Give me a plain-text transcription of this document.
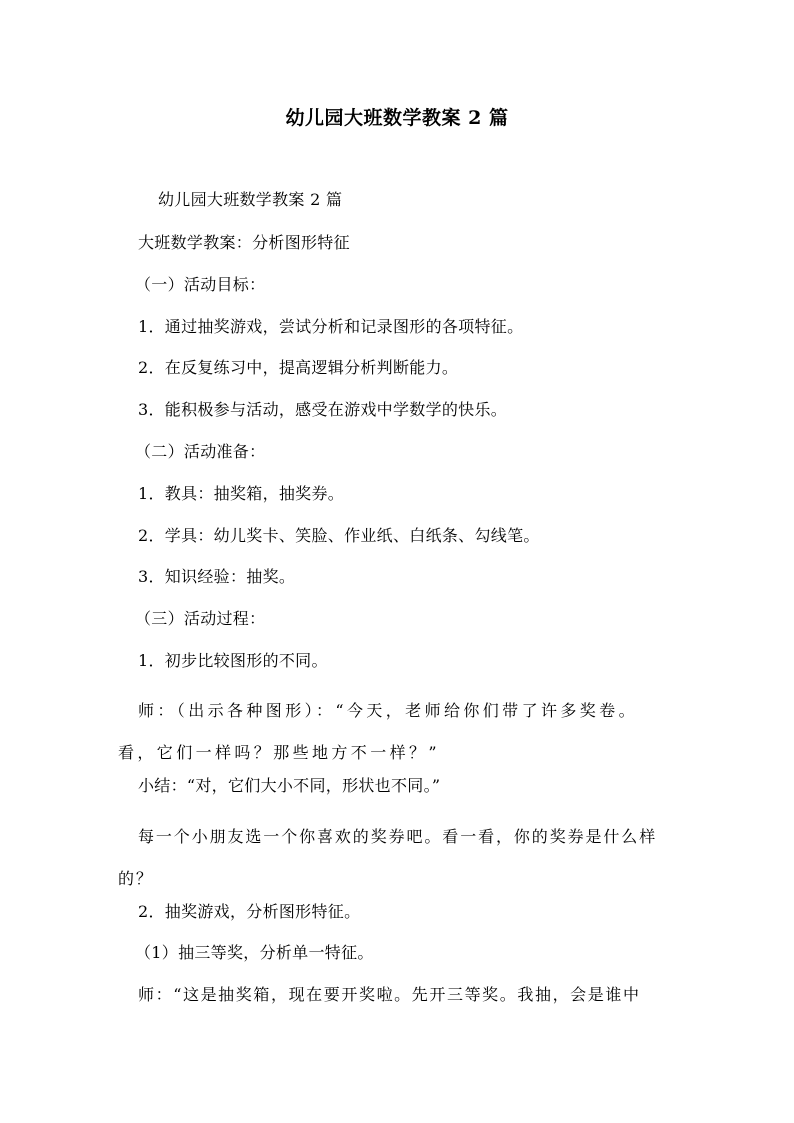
幼儿园大班数学教案 2 篇
幼儿园大班数学教案 2 篇
大班数学教案：分析图形特征
（一）活动目标：
1．通过抽奖游戏，尝试分析和记录图形的各项特征。
2．在反复练习中，提高逻辑分析判断能力。
3．能积极参与活动，感受在游戏中学数学的快乐。
（二）活动准备：
1．教具：抽奖箱，抽奖券。
2．学具：幼儿奖卡、笑脸、作业纸、白纸条、勾线笔。
3．知识经验：抽奖。
（三）活动过程：
1．初步比较图形的不同。
师：（出示各种图形）：“今天，老师给你们带了许多奖卷。看，它们一样吗？那些地方不一样？”
小结：“对，它们大小不同，形状也不同。”
每一个小朋友选一个你喜欢的奖券吧。看一看，你的奖券是什么样的？
2．抽奖游戏，分析图形特征。
（1）抽三等奖，分析单一特征。
师：“这是抽奖箱，现在要开奖啦。先开三等奖。我抽，会是谁中
